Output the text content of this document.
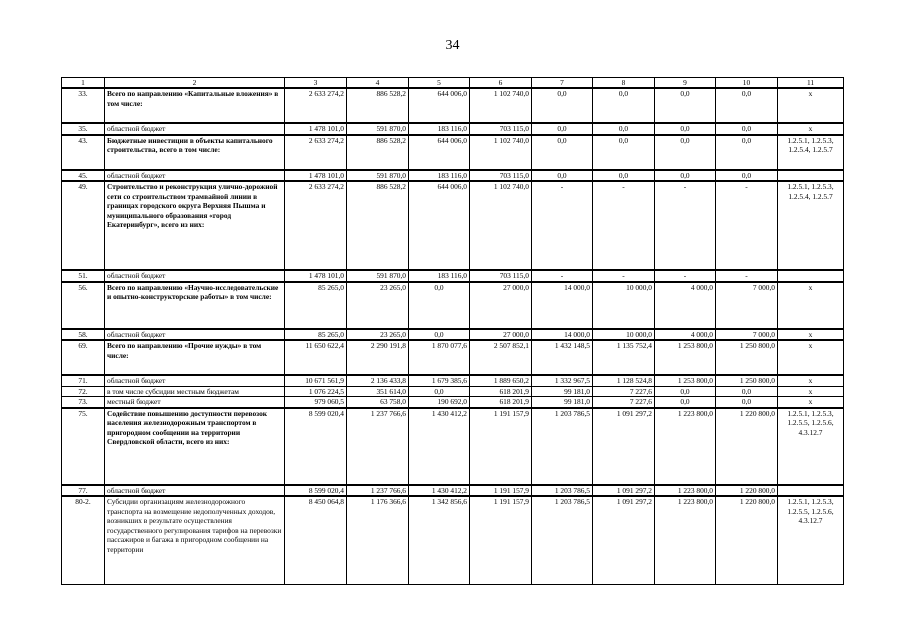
34
1	2	3	4	5	6	7	8	9	10	11
33.	Всего по направлению «Капитальные вложения» в том числе:	2 633 274,2	886 528,2	644 006,0	1 102 740,0	0,0	0,0	0,0	0,0	х
35.	областной бюджет	1 478 101,0	591 870,0	183 116,0	703 115,0	0,0	0,0	0,0	0,0	х
43.	Бюджетные инвестиции в объекты капитального строительства, всего в том числе:	2 633 274,2	886 528,2	644 006,0	1 102 740,0	0,0	0,0	0,0	0,0	1.2.5.1, 1.2.5.3, 1.2.5.4, 1.2.5.7
45.	областной бюджет	1 478 101,0	591 870,0	183 116,0	703 115,0	0,0	0,0	0,0	0,0	
49.	Строительство и реконструкция улично-дорожной сети со строительством трамвайной линии в границах городского округа Верхняя Пышма и муниципального образования «город Екатеринбург», всего из них:	2 633 274,2	886 528,2	644 006,0	1 102 740,0	-	-	-	-	1.2.5.1, 1.2.5.3, 1.2.5.4, 1.2.5.7
51.	областной бюджет	1 478 101,0	591 870,0	183 116,0	703 115,0	-	-	-	-	
56.	Всего по направлению «Научно-исследовательские и опытно-конструкторские работы» в том числе:	85 265,0	23 265,0	0,0	27 000,0	14 000,0	10 000,0	4 000,0	7 000,0	х
58.	областной бюджет	85 265,0	23 265,0	0,0	27 000,0	14 000,0	10 000,0	4 000,0	7 000,0	х
69.	Всего по направлению «Прочие нужды» в том числе:	11 650 622,4	2 290 191,8	1 870 077,6	2 507 852,1	1 432 148,5	1 135 752,4	1 253 800,0	1 250 800,0	х
71.	областной бюджет	10 671 561,9	2 136 433,8	1 679 385,6	1 889 650,2	1 332 967,5	1 128 524,8	1 253 800,0	1 250 800,0	х
72.	в том числе субсидии местным бюджетам	1 076 224,5	351 614,0	0,0	618 201,9	99 181,0	7 227,6	0,0	0,0	х
73.	местный бюджет	979 060,5	63 758,0	190 692,0	618 201,9	99 181,0	7 227,6	0,0	0,0	х
75.	Содействие повышению доступности перевозок населения железнодорожным транспортом в пригородном сообщении на территории Свердловской области, всего из них:	8 599 020,4	1 237 766,6	1 430 412,2	1 191 157,9	1 203 786,5	1 091 297,2	1 223 800,0	1 220 800,0	1.2.5.1, 1.2.5.3, 1.2.5.5, 1.2.5.6, 4.3.12.7
77.	областной бюджет	8 599 020,4	1 237 766,6	1 430 412,2	1 191 157,9	1 203 786,5	1 091 297,2	1 223 800,0	1 220 800,0	
80-2.	Субсидии организациям железнодорожного транспорта на возмещение недополученных доходов, возникших в результате осуществления государственного регулирования тарифов на перевозки пассажиров и багажа в пригородном сообщении на территории	8 450 064,8	1 176 366,6	1 342 856,6	1 191 157,9	1 203 786,5	1 091 297,2	1 223 800,0	1 220 800,0	1.2.5.1, 1.2.5.3, 1.2.5.5, 1.2.5.6, 4.3.12.7
